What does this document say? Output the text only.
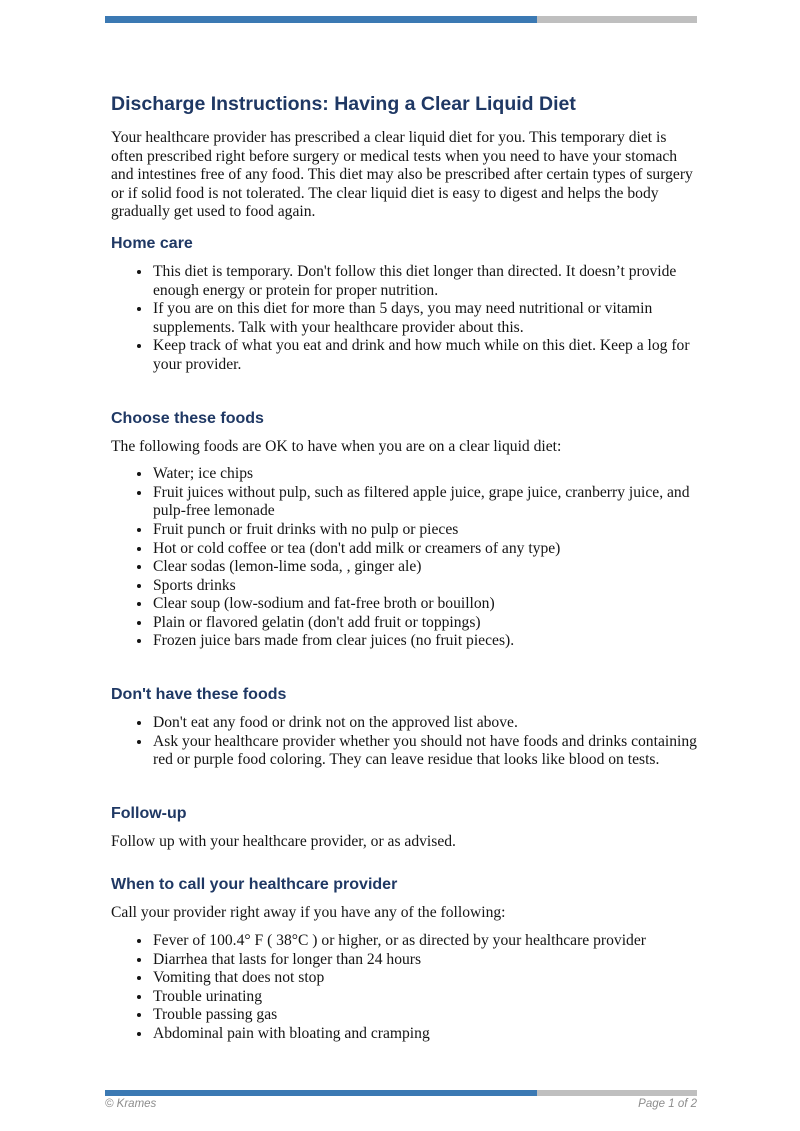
Discharge Instructions: Having a Clear Liquid Diet

Your healthcare provider has prescribed a clear liquid diet for you. This temporary diet is often prescribed right before surgery or medical tests when you need to have your stomach and intestines free of any food. This diet may also be prescribed after certain types of surgery or if solid food is not tolerated. The clear liquid diet is easy to digest and helps the body gradually get used to food again.

Home care
• This diet is temporary. Don't follow this diet longer than directed. It doesn’t provide enough energy or protein for proper nutrition.
• If you are on this diet for more than 5 days, you may need nutritional or vitamin supplements. Talk with your healthcare provider about this.
• Keep track of what you eat and drink and how much while on this diet. Keep a log for your provider.
Choose these foods

The following foods are OK to have when you are on a clear liquid diet:

• Water; ice chips
• Fruit juices without pulp, such as filtered apple juice, grape juice, cranberry juice, and pulp-free lemonade
• Fruit punch or fruit drinks with no pulp or pieces
• Hot or cold coffee or tea (don't add milk or creamers of any type)
• Clear sodas (lemon-lime soda, , ginger ale)
• Sports drinks
• Clear soup (low-sodium and fat-free broth or bouillon)
• Plain or flavored gelatin (don't add fruit or toppings)
• Frozen juice bars made from clear juices (no fruit pieces).
Don't have these foods
• Don't eat any food or drink not on the approved list above.
• Ask your healthcare provider whether you should not have foods and drinks containing red or purple food coloring. They can leave residue that looks like blood on tests.
Follow-up

Follow up with your healthcare provider, or as advised.

When to call your healthcare provider

Call your provider right away if you have any of the following:

• Fever of 100.4° F ( 38°C ) or higher, or as directed by your healthcare provider
• Diarrhea that lasts for longer than 24 hours
• Vomiting that does not stop
• Trouble urinating
• Trouble passing gas
• Abdominal pain with bloating and cramping
© Krames	Page 1 of 2
